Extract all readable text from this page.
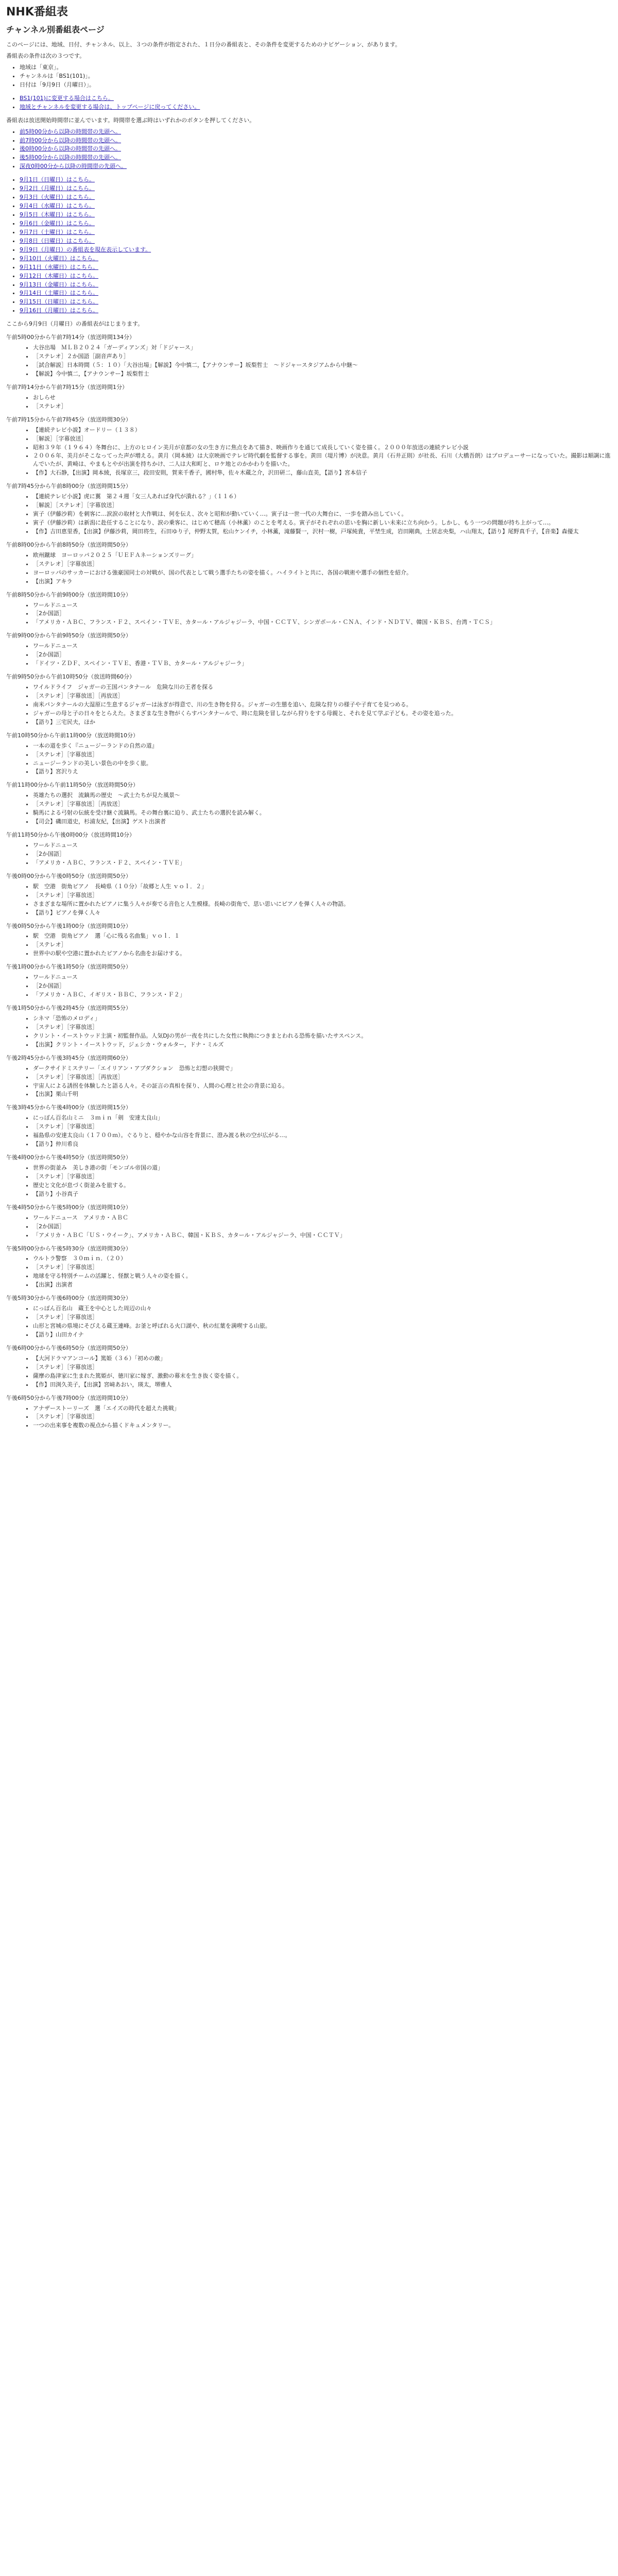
NHK番組表
チャンネル別番組表ページ

このページには、地域、日付、チャンネル、以上、３つの条件が指定された、１日分の番組表と、その条件を変更するためのナビゲーション、があります。

番組表の条件は次の３つです。

• 地域は「東京」。
• チャンネルは「BS1(101)」。
• 日付は「9月9日（月曜日）」。
• BS1(101)に変更する場合はこちら。
• 地域とチャンネルを変更する場合は、トップページに戻ってください。

番組表は放送開始時間帯に並んでいます。時間帯を選ぶ時はいずれかのボタンを押してください。

• 前5時00分から以降の時間帯の先頭へ。
• 前7時00分から以降の時間帯の先頭へ。
• 後0時00分から以降の時間帯の先頭へ。
• 後5時00分から以降の時間帯の先頭へ。
• 深夜0時00分から以降の時間帯の先頭へ。
• 9月1日（日曜日）はこちら。
• 9月2日（月曜日）はこちら。
• 9月3日（火曜日）はこちら。
• 9月4日（水曜日）はこちら。
• 9月5日（木曜日）はこちら。
• 9月6日（金曜日）はこちら。
• 9月7日（土曜日）はこちら。
• 9月8日（日曜日）はこちら。
• 9月9日（月曜日）の番組表を現在表示しています。
• 9月10日（火曜日）はこちら。
• 9月11日（水曜日）はこちら。
• 9月12日（木曜日）はこちら。
• 9月13日（金曜日）はこちら。
• 9月14日（土曜日）はこちら。
• 9月15日（日曜日）はこちら。
• 9月16日（月曜日）はこちら。

ここから9月9日（月曜日）の番組表がはじまります。

午前5時00分から午前7時14分（放送時間134分）

• 大谷出場　ＭＬＢ２０２４「ガーディアンズ」対「ドジャース」
• ［ステレオ］２か国語［副音声あり］
• ［試合解説］日本時間（５：１０）「大谷出場」【解説】今中慎二，【アナウンサー】坂梨哲士　～ドジャースタジアムから中継～
• 【解説】今中慎二，【アナウンサー】坂梨哲士

午前7時14分から午前7時15分（放送時間1分）

• おしらせ
• ［ステレオ］

午前7時15分から午前7時45分（放送時間30分）

• 【連続テレビ小説】オードリー（１３８）
• ［解説］［字幕放送］
• 昭和３９年（１９６４）冬舞台に、上方のヒロイン美月が京都の女の生き方に焦点をあて描き、映画作りを通じて成長していく姿を描く。２０００年放送の連続テレビ小説
• ２００６年、美月がそこなってった声が増える。黄月（岡本綾）は大京映画でテレビ時代劇を監督する事を。黄田（堤片博）が決意。黄月（石井正則）が社長、石川（大橋吾朗）はプロデューサーになっていた。撮影は順調に進んでいたが、黄崎は、やまもとやが出演を持ちかけ、二人は大和町と、ロケ地とのかかわりを描いた。
• 【作】大石静，【出演】岡本綾，長塚京三，段田安則，賀来千香子，國村隼，佐々木蔵之介，沢田研二，藤山直美，【語り】宮本信子

午前7時45分から午前8時00分（放送時間15分）

• 【連続テレビ小説】虎に翼　第２４週「女三人あれば身代が潰れる？」（１１６）
• ［解説］［ステレオ］［字幕放送］
• 寅子（伊藤沙莉）を刺客に…涙涙の取材と大作戦は、何を伝え、次々と昭和が動いていく…。寅子は一世一代の大舞台に、一歩を踏み出していく。
• 寅子（伊藤沙莉）は新潟に赴任することになり、涙の乗客に、はじめて穂高（小林薫）のことを考える。寅子がそれぞれの思いを胸に新しい未来に立ち向かう。しかし、もう一つの問題が持ち上がって…。
• 【作】吉田恵里香，【出演】伊藤沙莉，岡田将生，石田ゆり子，仲野太賀，松山ケンイチ，小林薫，滝藤賢一，沢村一樹，戸塚純貴，平埜生成，岩田剛典，土居志央梨，ハ山翔太，【語り】尾野真千子，【音楽】森優太

午前8時00分から午前8時50分（放送時間50分）

• 欧州蹴球　ヨーロッパ２０２５「ＵＥＦＡネーションズリーグ」
• ［ステレオ］［字幕放送］
• ヨーロッパのサッカーにおける強豪国同士の対戦が、国の代表として戦う選手たちの姿を描く。ハイライトと共に、各国の戦術や選手の個性を紹介。
• 【出演】アキラ

午前8時50分から午前9時00分（放送時間10分）

• ワールドニュース
• ［2か国語］
• 「アメリカ・ＡＢＣ、フランス・Ｆ２、スペイン・ＴＶＥ、カタール・アルジャジーラ、中国・ＣＣＴＶ、シンガポール・ＣＮＡ、インド・ＮＤＴＶ、韓国・ＫＢＳ、台湾・ＴＣＳ」

午前9時00分から午前9時50分（放送時間50分）

• ワールドニュース
• ［2か国語］
• 「ドイツ・ＺＤＦ、スペイン・ＴＶＥ、香港・ＴＶＢ、カタール・アルジャジーラ」

午前9時50分から午前10時50分（放送時間60分）

• ワイルドライフ　ジャガーの王国パンタナール　危険な川の王者を探る
• ［ステレオ］［字幕放送］［再放送］
• 南米パンタナールの大湿原に生息するジャガーは泳ぎが得意で、川の生き物を狩る。ジャガーの生態を追い、危険な狩りの様子や子育てを見つめる。
• ジャガーの母と子の日々をとらえた。さまざまな生き物がくらすパンタナールで、時に危険を冒しながら狩りをする母親と、それを見て学ぶ子ども。その姿を追った。
• 【語り】三宅民夫，ほか

午前10時50分から午前11時00分（放送時間10分）

• 一本の道を歩く『ニュージーランドの自然の道』
• ［ステレオ］［字幕放送］
• ニュージーランドの美しい景色の中を歩く旅。
• 【語り】宮沢りえ

午前11時00分から午前11時50分（放送時間50分）

• 英雄たちの選択　流鏑馬の歴史　～武士たちが見た風景～
• ［ステレオ］［字幕放送］［再放送］
• 騎馬による弓射の伝統を受け継ぐ流鏑馬。その舞台裏に迫り、武士たちの選択を読み解く。
• 【司会】磯田道史，杉浦友紀，【出演】ゲスト出演者

午前11時50分から午後0時00分（放送時間10分）

• ワールドニュース
• ［2か国語］
• 「アメリカ・ＡＢＣ、フランス・Ｆ２、スペイン・ＴＶＥ」

午後0時00分から午後0時50分（放送時間50分）

• 駅　空港　街角ピアノ　長崎県（１０分）「故郷と人生 ｖｏｌ．２」
• ［ステレオ］［字幕放送］
• さまざまな場所に置かれたピアノに集う人々が奏でる音色と人生模様。長崎の街角で、思い思いにピアノを弾く人々の物語。
• 【語り】ピアノを弾く人々

午後0時50分から午後1時00分（放送時間10分）

• 駅　空港　街角ピアノ　選「心に残る名曲集」ｖｏｌ．１
• ［ステレオ］
• 世界中の駅や空港に置かれたピアノから名曲をお届けする。

午後1時00分から午後1時50分（放送時間50分）

• ワールドニュース
• ［2か国語］
• 「アメリカ・ＡＢＣ、イギリス・ＢＢＣ、フランス・Ｆ２」

午後1時50分から午後2時45分（放送時間55分）

• シネマ「恐怖のメロディ」
• ［ステレオ］［字幕放送］
• クリント・イーストウッド主演・初監督作品。人気DJの男が一夜を共にした女性に執拗につきまとわれる恐怖を描いたサスペンス。
• 【出演】クリント・イーストウッド，ジェシカ・ウォルター，ドナ・ミルズ

午後2時45分から午後3時45分（放送時間60分）

• ダークサイドミステリー「エイリアン・アブダクション　恐怖と幻想の狭間で」
• ［ステレオ］［字幕放送］［再放送］
• 宇宙人による誘拐を体験したと語る人々。その証言の真相を探り、人間の心理と社会の背景に迫る。
• 【出演】栗山千明

午後3時45分から午後4時00分（放送時間15分）

• にっぽん百名山ミニ　３ｍｉｎ「剣　安達太良山」
• ［ステレオ］［字幕放送］
• 福島県の安達太良山（１７００ｍ）。ぐるりと、穏やかな山容を背景に、澄み渡る秋の空が広がる…。
• 【語り】仲川希良

午後4時00分から午後4時50分（放送時間50分）

• 世界の街並み　美しき港の街「モンゴル帝国の道」
• ［ステレオ］［字幕放送］
• 歴史と文化が息づく街並みを旅する。
• 【語り】小谷真子

午後4時50分から午後5時00分（放送時間10分）

• ワールドニュース　アメリカ・ＡＢＣ
• ［2か国語］
• 「アメリカ・ＡＢＣ「ＵＳ・ウイーク」、アメリカ・ＡＢＣ、韓国・ＫＢＳ、カタール・アルジャジーラ、中国・ＣＣＴＶ」

午後5時00分から午後5時30分（放送時間30分）

• ウルトラ警察　３０ｍｉｎ．（２０）
• ［ステレオ］［字幕放送］
• 地球を守る特別チームの活躍と、怪獣と戦う人々の姿を描く。
• 【出演】出演者

午後5時30分から午後6時00分（放送時間30分）

• にっぽん百名山　蔵王を中心とした周辺の山々
• ［ステレオ］［字幕放送］
• 山形と宮城の県境にそびえる蔵王連峰。お釜と呼ばれる火口湖や、秋の紅葉を満喫する山旅。
• 【語り】山田カイナ

午後6時00分から午後6時50分（放送時間50分）

• 【大河ドラマアンコール】篤姫（３６）「初めの敵」
• ［ステレオ］［字幕放送］
• 薩摩の島津家に生まれた篤姫が、徳川家に嫁ぎ、激動の幕末を生き抜く姿を描く。
• 【作】田渕久美子，【出演】宮﨑あおい，瑛太，堺雅人

午後6時50分から午後7時00分（放送時間10分）

• アナザーストーリーズ　選「エイズの時代を超えた挑戦」
• ［ステレオ］［字幕放送］
• 一つの出来事を複数の視点から描くドキュメンタリー。
